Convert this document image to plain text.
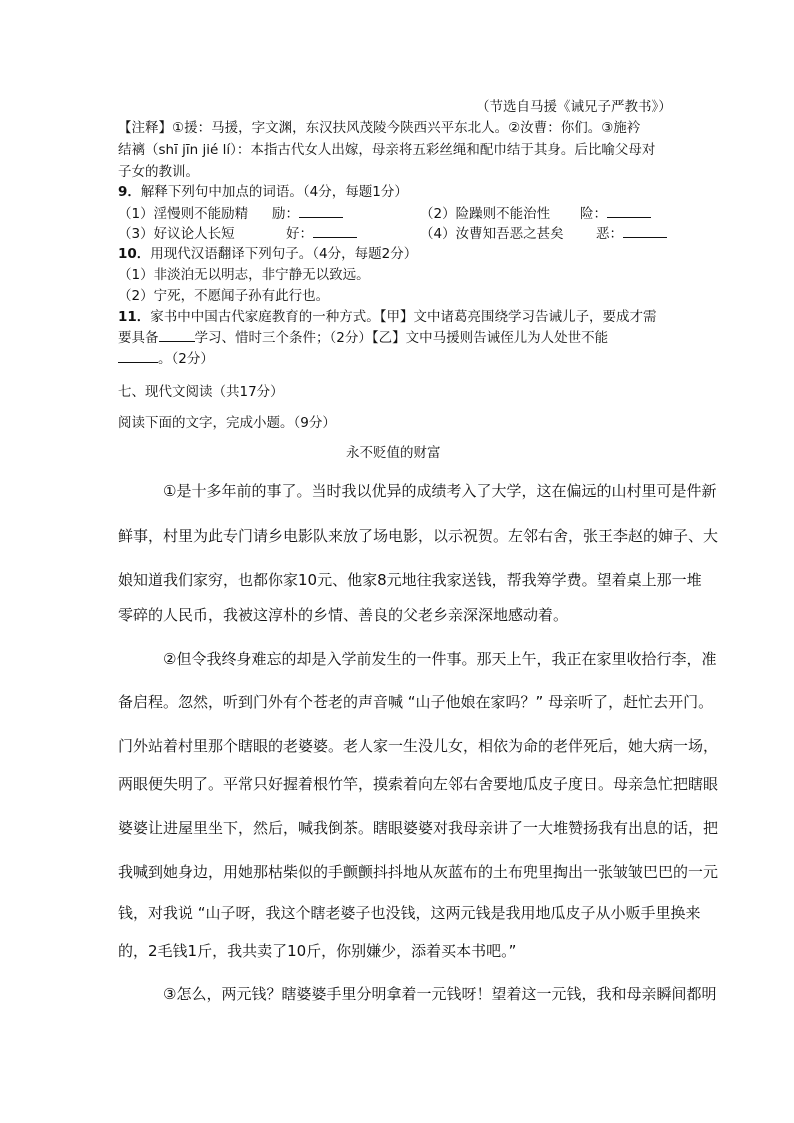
（节选自马援《诫兄子严教书》）
【注释】①援：马援，字文渊，东汉扶风茂陵今陕西兴平东北人。②汝曹：你们。③施衿
结褵（shī jīn jié lí）：本指古代女人出嫁，母亲将五彩丝绳和配巾结于其身。后比喻父母对
子女的教训。
9．解释下列句中加点的词语。（4分，每题1分）
（1）淫慢则不能励精 励：	（2）险躁则不能治性 险：
（3）好议论人长短	好：	（4）汝曹知吾恶之甚矣 恶：
10．用现代汉语翻译下列句子。（4分，每题2分）
（1）非淡泊无以明志，非宁静无以致远。
（2）宁死，不愿闻子孙有此行也。
11．家书中中国古代家庭教育的一种方式。【甲】文中诸葛亮围绕学习告诫儿子，要成才需
要具备	学习、惜时三个条件；（2分）【乙】文中马援则告诫侄儿为人处世不能
。（2分）
七、现代文阅读（共17分）
阅读下面的文字，完成小题。（9分）
永不贬值的财富
①是十多年前的事了。当时我以优异的成绩考入了大学，这在偏远的山村里可是件新
鲜事，村里为此专门请乡电影队来放了场电影，以示祝贺。左邻右舍，张王李赵的婶子、大
娘知道我们家穷，也都你家10元、他家8元地往我家送钱，帮我筹学费。望着桌上那一堆
零碎的人民币，我被这淳朴的乡情、善良的父老乡亲深深地感动着。
②但令我终身难忘的却是入学前发生的一件事。那天上午，我正在家里收拾行李，准
备启程。忽然，听到门外有个苍老的声音喊 “山子他娘在家吗？” 母亲听了，赶忙去开门。
门外站着村里那个瞎眼的老婆婆。老人家一生没儿女，相依为命的老伴死后，她大病一场，
两眼便失明了。平常只好握着根竹竿，摸索着向左邻右舍要地瓜皮子度日。母亲急忙把瞎眼
婆婆让进屋里坐下，然后，喊我倒茶。瞎眼婆婆对我母亲讲了一大堆赞扬我有出息的话，把
我喊到她身边，用她那枯柴似的手颤颤抖抖地从灰蓝布的土布兜里掏出一张皱皱巴巴的一元
钱，对我说 “山子呀，我这个瞎老婆子也没钱，这两元钱是我用地瓜皮子从小贩手里换来
的，2毛钱1斤，我共卖了10斤，你别嫌少，添着买本书吧。”
③怎么，两元钱？瞎婆婆手里分明拿着一元钱呀！望着这一元钱，我和母亲瞬间都明
